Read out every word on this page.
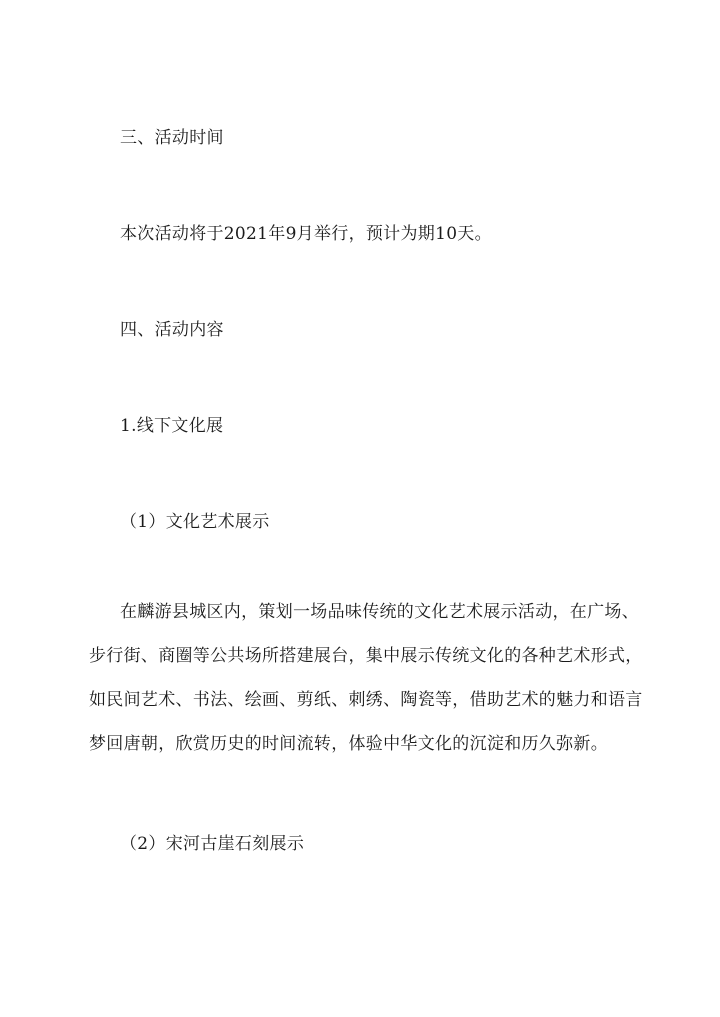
三、活动时间
本次活动将于2021年9月举行，预计为期10天。
四、活动内容
1.线下文化展
（1）文化艺术展示
在麟游县城区内，策划一场品味传统的文化艺术展示活动，在广场、
步行街、商圈等公共场所搭建展台，集中展示传统文化的各种艺术形式，
如民间艺术、书法、绘画、剪纸、刺绣、陶瓷等，借助艺术的魅力和语言
梦回唐朝，欣赏历史的时间流转，体验中华文化的沉淀和历久弥新。
（2）宋河古崖石刻展示
